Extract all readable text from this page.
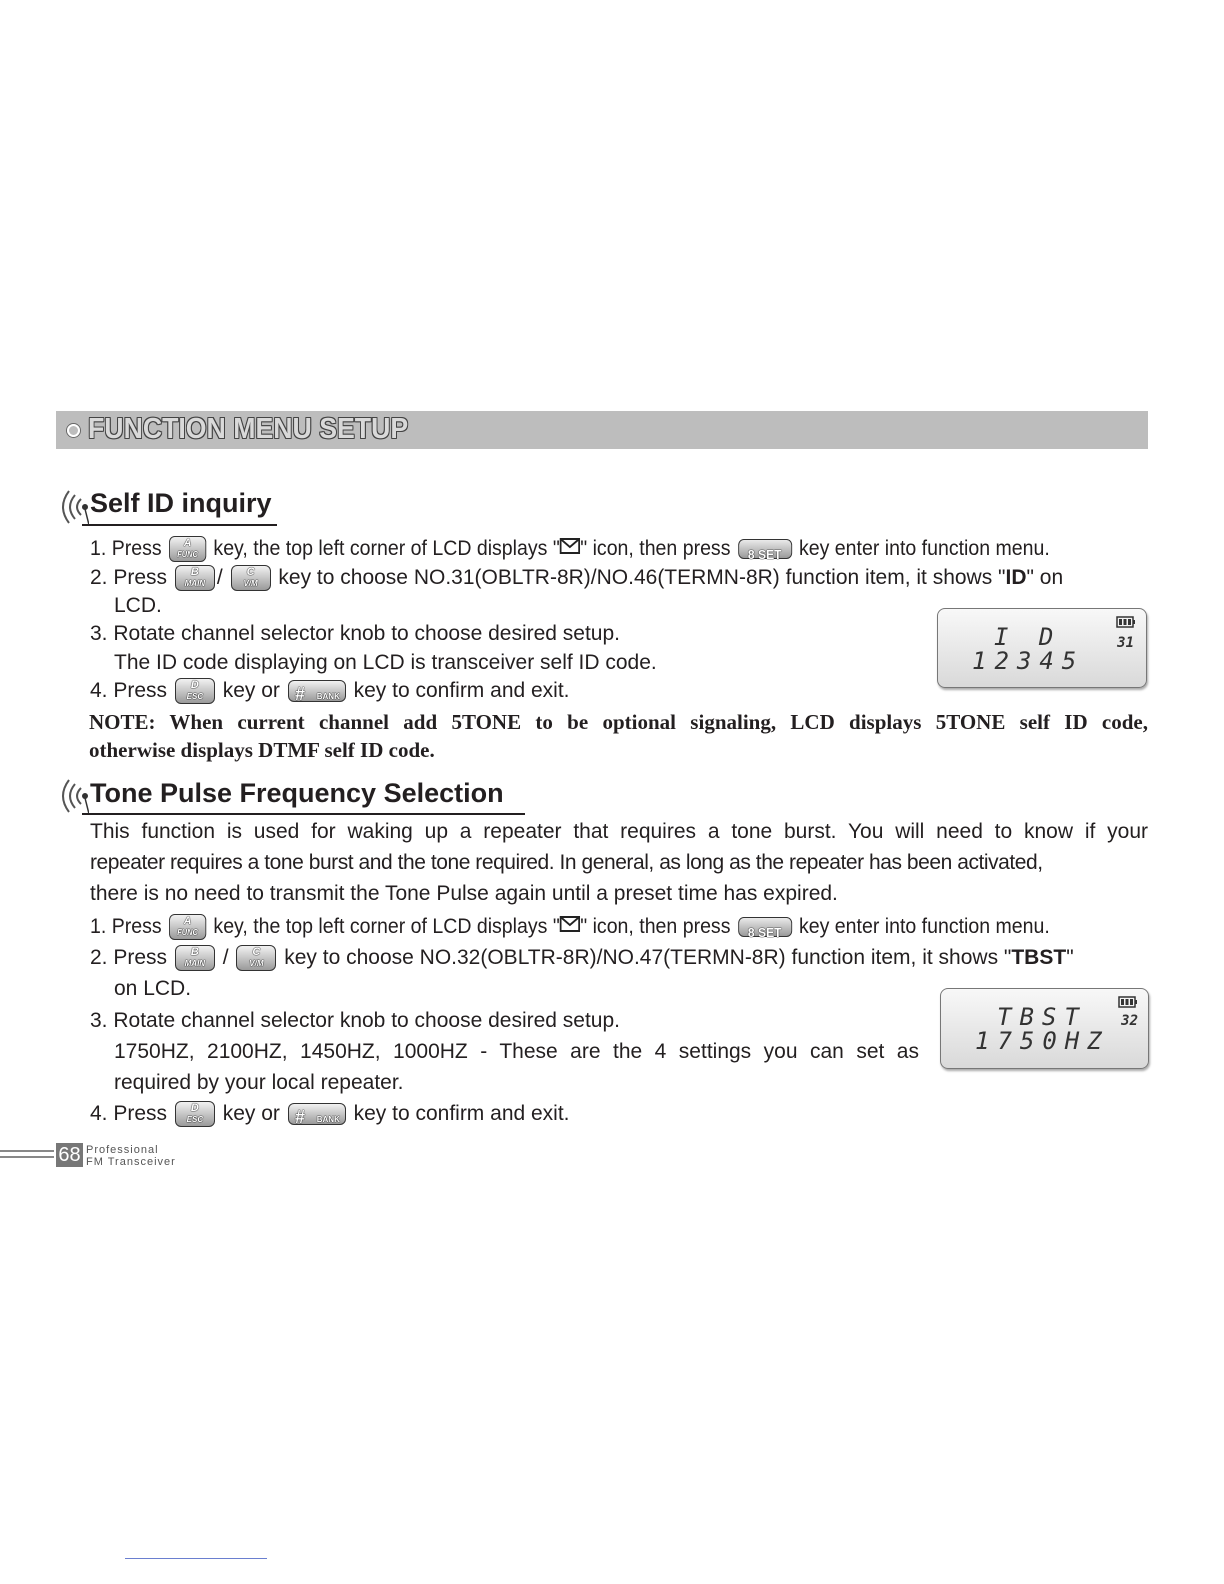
FUNCTION MENU SETUP
Self ID inquiry
1. Press	A
FUNC key, the top left corner of LCD displays " " icon, then press	8 SET key enter into function menu.
2. Press	B
MAIN /	C
V/M key to choose NO.31(OBLTR-8R)/NO.46(TERMN-8R) function item, it shows "ID" on
LCD.
3. Rotate channel selector knob to choose desired setup.
The ID code displaying on LCD is transceiver self ID code.
4. Press	D
ESC key or # BANK key to confirm and exit.
31
I D
12345
NOTE: When current channel add 5TONE to be optional signaling, LCD displays 5TONE self ID code,
otherwise displays DTMF self ID code.
Tone Pulse Frequency Selection
This function is used for waking up a repeater that requires a tone burst. You will need to know if your
repeater requires a tone burst and the tone required. In general, as long as the repeater has been activated,
there is no need to transmit the Tone Pulse again until a preset time has expired.
1. Press	A
FUNC key, the top left corner of LCD displays " " icon, then press	8 SET key enter into function menu.
2. Press	B
MAIN /	C
V/M key to choose NO.32(OBLTR-8R)/NO.47(TERMN-8R) function item, it shows "TBST"
on LCD.
3. Rotate channel selector knob to choose desired setup.
1750HZ, 2100HZ, 1450HZ, 1000HZ - These are the 4 settings you can set as
required by your local repeater.
4. Press	D
ESC key or # BANK key to confirm and exit.
32
TBST
1750HZ
68 Professional
FM Transceiver
